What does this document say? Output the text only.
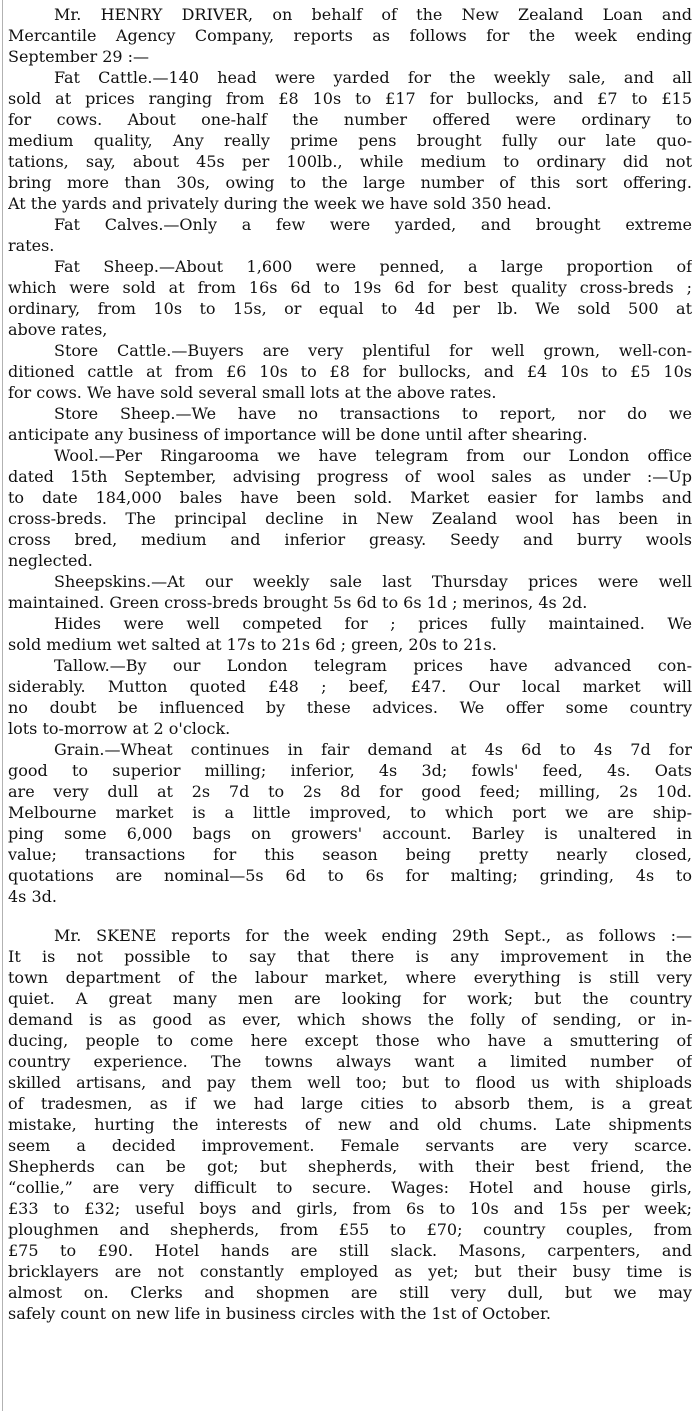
Mr. HENRY DRIVER, on behalf of the New Zealand Loan and
Mercantile Agency Company, reports as follows for the week ending
September 29 :—
Fat Cattle.—140 head were yarded for the weekly sale, and all
sold at prices ranging from £8 10s to £17 for bullocks, and £7 to £15
for cows. About one-half the number offered were ordinary to
medium quality, Any really prime pens brought fully our late quo-
tations, say, about 45s per 100lb., while medium to ordinary did not
bring more than 30s, owing to the large number of this sort offering.
At the yards and privately during the week we have sold 350 head.
Fat Calves.—Only a few were yarded, and brought extreme
rates.
Fat Sheep.—About 1,600 were penned, a large proportion of
which were sold at from 16s 6d to 19s 6d for best quality cross-breds ;
ordinary, from 10s to 15s, or equal to 4d per lb. We sold 500 at
above rates,
Store Cattle.—Buyers are very plentiful for well grown, well-con-
ditioned cattle at from £6 10s to £8 for bullocks, and £4 10s to £5 10s
for cows. We have sold several small lots at the above rates.
Store Sheep.—We have no transactions to report, nor do we
anticipate any business of importance will be done until after shearing.
Wool.—Per Ringarooma we have telegram from our London office
dated 15th September, advising progress of wool sales as under :—Up
to date 184,000 bales have been sold. Market easier for lambs and
cross-breds. The principal decline in New Zealand wool has been in
cross bred, medium and inferior greasy. Seedy and burry wools
neglected.
Sheepskins.—At our weekly sale last Thursday prices were well
maintained. Green cross-breds brought 5s 6d to 6s 1d ; merinos, 4s 2d.
Hides were well competed for ; prices fully maintained. We
sold medium wet salted at 17s to 21s 6d ; green, 20s to 21s.
Tallow.—By our London telegram prices have advanced con-
siderably. Mutton quoted £48 ; beef, £47. Our local market will
no doubt be influenced by these advices. We offer some country
lots to-morrow at 2 o'clock.
Grain.—Wheat continues in fair demand at 4s 6d to 4s 7d for
good to superior milling; inferior, 4s 3d; fowls' feed, 4s. Oats
are very dull at 2s 7d to 2s 8d for good feed; milling, 2s 10d.
Melbourne market is a little improved, to which port we are ship-
ping some 6,000 bags on growers' account. Barley is unaltered in
value; transactions for this season being pretty nearly closed,
quotations are nominal—5s 6d to 6s for malting; grinding, 4s to
4s 3d.
Mr. SKENE reports for the week ending 29th Sept., as follows :—
It is not possible to say that there is any improvement in the
town department of the labour market, where everything is still very
quiet. A great many men are looking for work; but the country
demand is as good as ever, which shows the folly of sending, or in-
ducing, people to come here except those who have a smuttering of
country experience. The towns always want a limited number of
skilled artisans, and pay them well too; but to flood us with shiploads
of tradesmen, as if we had large cities to absorb them, is a great
mistake, hurting the interests of new and old chums. Late shipments
seem a decided improvement. Female servants are very scarce.
Shepherds can be got; but shepherds, with their best friend, the
“collie,” are very difficult to secure. Wages: Hotel and house girls,
£33 to £32; useful boys and girls, from 6s to 10s and 15s per week;
ploughmen and shepherds, from £55 to £70; country couples, from
£75 to £90. Hotel hands are still slack. Masons, carpenters, and
bricklayers are not constantly employed as yet; but their busy time is
almost on. Clerks and shopmen are still very dull, but we may
safely count on new life in business circles with the 1st of October.
